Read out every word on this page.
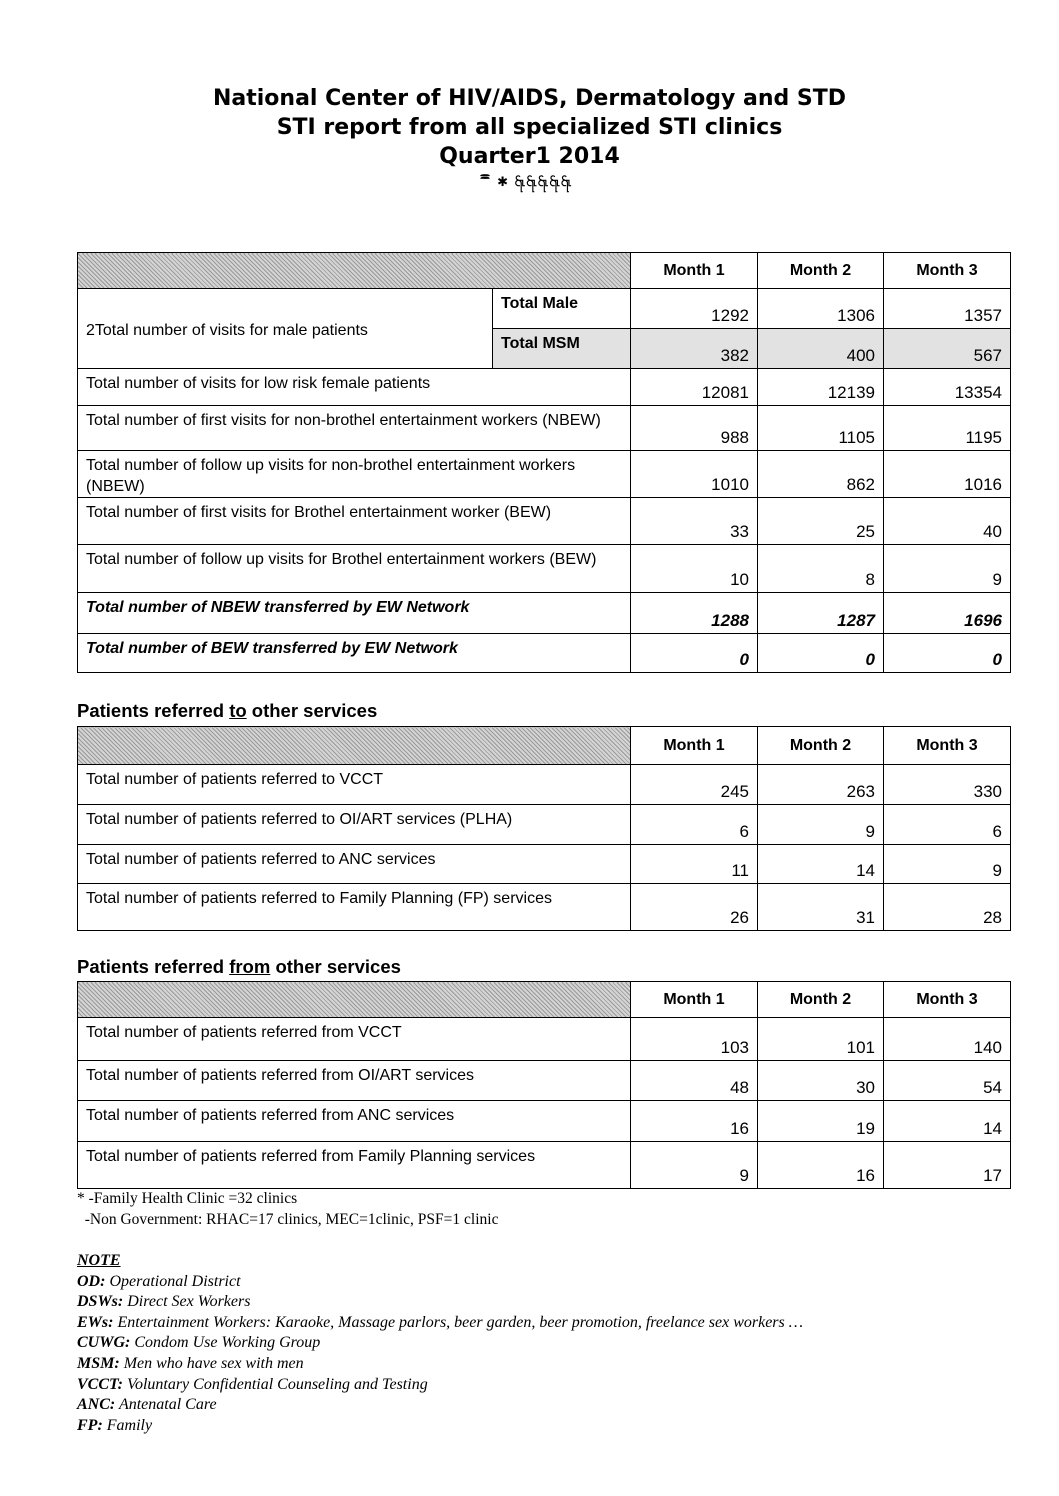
National Center of HIV/AIDS, Dermatology and STD
STI report from all specialized STI clinics
Quarter1 2014
ꩰꩰꩰꩰꩰ ✱ ꩷꩷꩷꩷꩷
		Month 1	Month 2	Month 3
2Total number of visits for male patients	Total Male	1292	1306	1357
	Total MSM	382	400	567
Total number of visits for low risk female patients		12081	12139	13354
Total number of first visits for non-brothel entertainment workers (NBEW)		988	1105	1195
Total number of follow up visits for non-brothel entertainment workers (NBEW)		1010	862	1016
Total number of first visits for Brothel entertainment worker (BEW)		33	25	40
Total number of follow up visits for Brothel entertainment workers (BEW)		10	8	9
Total number of NBEW transferred by EW Network		1288	1287	1696
Total number of BEW transferred by EW Network		0	0	0
Patients referred to other services
	Month 1	Month 2	Month 3
Total number of patients referred to VCCT	245	263	330
Total number of patients referred to OI/ART services (PLHA)	6	9	6
Total number of patients referred to ANC services	11	14	9
Total number of patients referred to Family Planning (FP) services	26	31	28
Patients referred from other services
	Month 1	Month 2	Month 3
Total number of patients referred from VCCT	103	101	140
Total number of patients referred from OI/ART services	48	30	54
Total number of patients referred from ANC services	16	19	14
Total number of patients referred from Family Planning services	9	16	17
* -Family Health Clinic =32 clinics
-Non Government: RHAC=17 clinics, MEC=1clinic, PSF=1 clinic
NOTE
OD: Operational District
DSWs: Direct Sex Workers
EWs: Entertainment Workers: Karaoke, Massage parlors, beer garden, beer promotion, freelance sex workers …
CUWG: Condom Use Working Group
MSM: Men who have sex with men
VCCT: Voluntary Confidential Counseling and Testing
ANC: Antenatal Care
FP: Family
